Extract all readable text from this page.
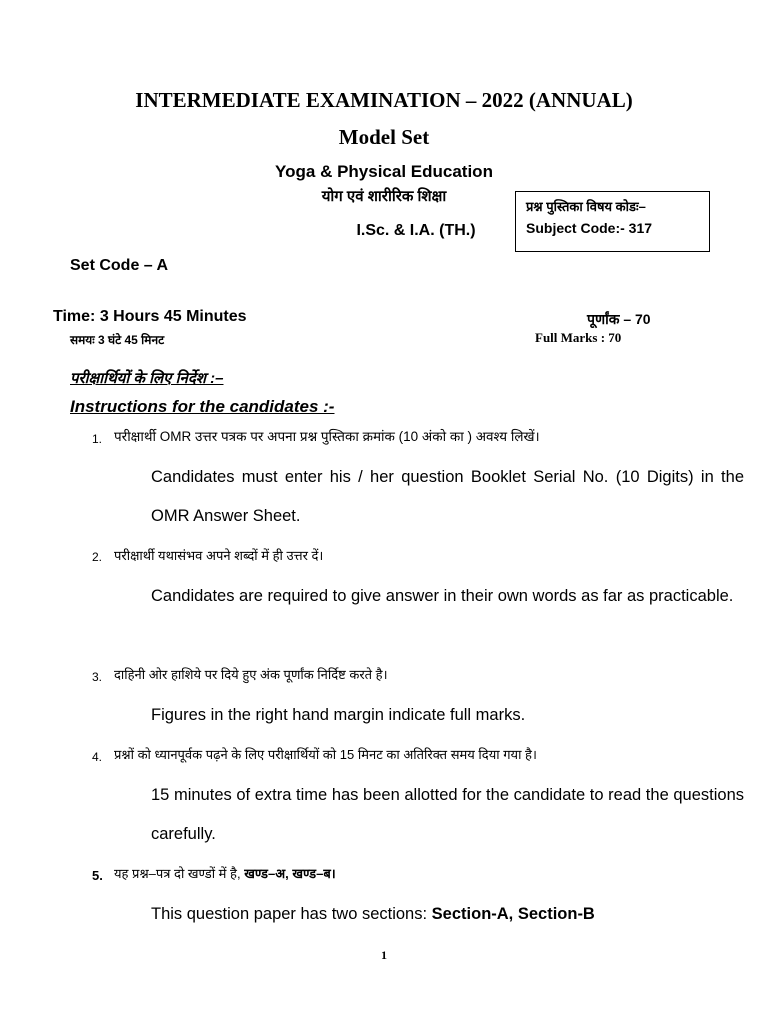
INTERMEDIATE EXAMINATION – 2022 (ANNUAL)
Model Set
Yoga & Physical Education
योग एवं शारीरिक शिक्षा
I.Sc. & I.A. (TH.)
प्रश्न पुस्तिका विषय कोडः–
Subject Code:- 317
Set Code – A
Time: 3 Hours 45 Minutes
समयः 3 घंटे 45 मिनट
पूर्णांक – 70
Full Marks : 70
परीक्षार्थियों के लिए निर्देश :–
Instructions for the candidates :-
1. परीक्षार्थी OMR उत्तर पत्रक पर अपना प्रश्न पुस्तिका क्रमांक (10 अंको का ) अवश्य लिखें।
Candidates must enter his / her question Booklet Serial No. (10 Digits) in the OMR Answer Sheet.
2. परीक्षार्थी यथासंभव अपने शब्दों में ही उत्तर दें।
Candidates are required to give answer in their own words as far as practicable.
3. दाहिनी ओर हाशिये पर दिये हुए अंक पूर्णांक निर्दिष्ट करते है।
Figures in the right hand margin indicate full marks.
4. प्रश्नों को ध्यानपूर्वक पढ़ने के लिए परीक्षार्थियों को 15 मिनट का अतिरिक्त समय दिया गया है।
15 minutes of extra time has been allotted for the candidate to read the questions carefully.
5. यह प्रश्न–पत्र दो खण्डों में है, खण्ड–अ, खण्ड–ब।
This question paper has two sections: Section-A, Section-B
1
